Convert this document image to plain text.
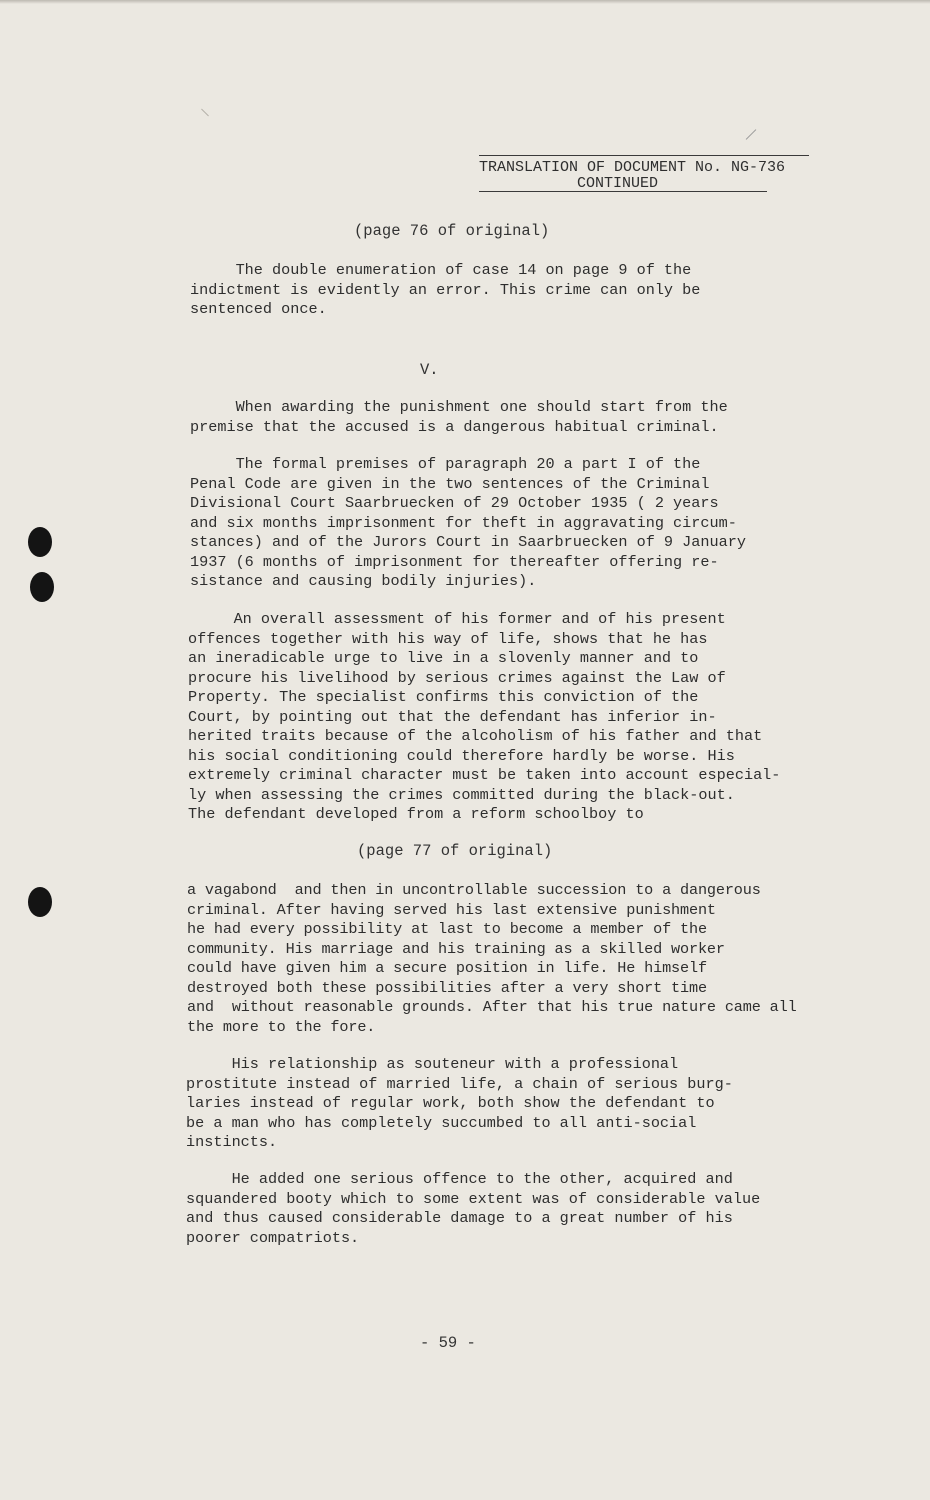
TRANSLATION OF DOCUMENT No. NG-736
CONTINUED
(page 76 of original)
The double enumeration of case 14 on page 9 of the
indictment is evidently an error. This crime can only be
sentenced once.
V.
When awarding the punishment one should start from the
premise that the accused is a dangerous habitual criminal.
The formal premises of paragraph 20 a part I of the
Penal Code are given in the two sentences of the Criminal
Divisional Court Saarbruecken of 29 October 1935 ( 2 years
and six months imprisonment for theft in aggravating circum-
stances) and of the Jurors Court in Saarbruecken of 9 January
1937 (6 months of imprisonment for thereafter offering re-
sistance and causing bodily injuries).
An overall assessment of his former and of his present
offences together with his way of life, shows that he has
an ineradicable urge to live in a slovenly manner and to
procure his livelihood by serious crimes against the Law of
Property. The specialist confirms this conviction of the
Court, by pointing out that the defendant has inferior in-
herited traits because of the alcoholism of his father and that
his social conditioning could therefore hardly be worse. His
extremely criminal character must be taken into account especial-
ly when assessing the crimes committed during the black-out.
The defendant developed from a reform schoolboy to
(page 77 of original)
a vagabond  and then in uncontrollable succession to a dangerous
criminal. After having served his last extensive punishment
he had every possibility at last to become a member of the
community. His marriage and his training as a skilled worker
could have given him a secure position in life. He himself
destroyed both these possibilities after a very short time
and  without reasonable grounds. After that his true nature came all
the more to the fore.
His relationship as souteneur with a professional
prostitute instead of married life, a chain of serious burg-
laries instead of regular work, both show the defendant to
be a man who has completely succumbed to all anti-social
instincts.
He added one serious offence to the other, acquired and
squandered booty which to some extent was of considerable value
and thus caused considerable damage to a great number of his
poorer compatriots.
- 59 -
